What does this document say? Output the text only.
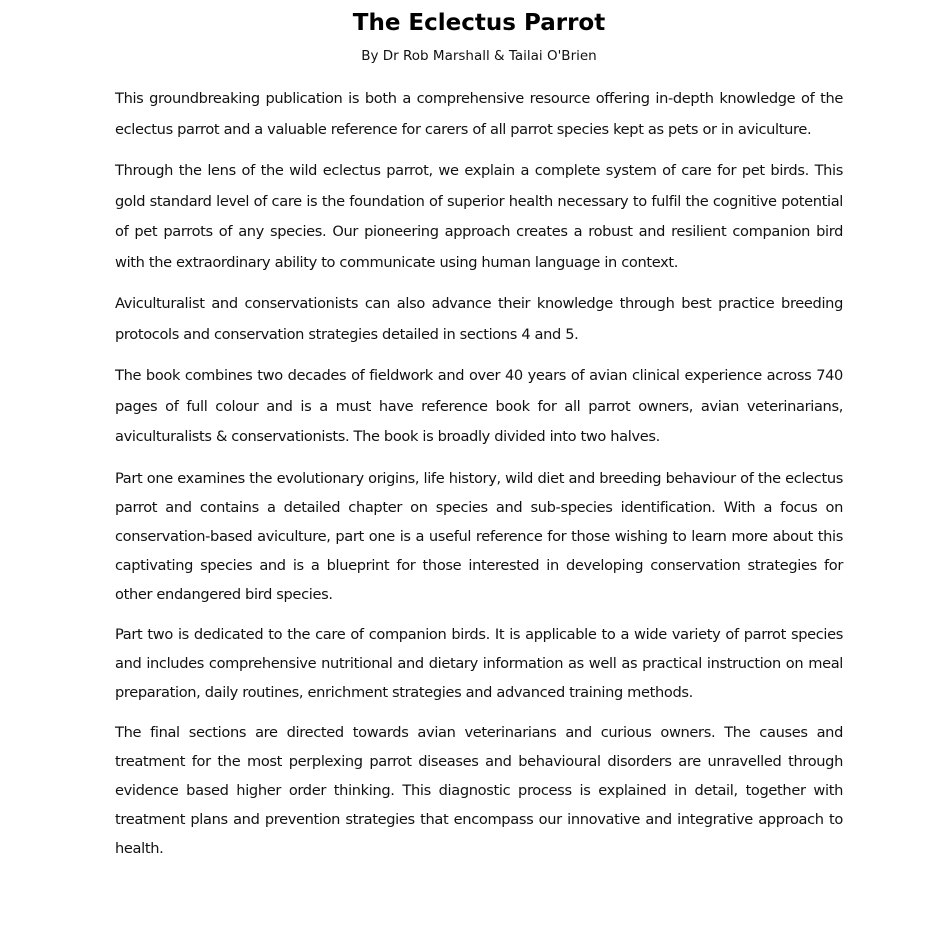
The Eclectus Parrot

By Dr Rob Marshall & Tailai O'Brien

This groundbreaking publication is both a comprehensive resource offering in-depth knowledge of the eclectus parrot and a valuable reference for carers of all parrot species kept as pets or in aviculture.

Through the lens of the wild eclectus parrot, we explain a complete system of care for pet birds. This gold standard level of care is the foundation of superior health necessary to fulfil the cognitive potential of pet parrots of any species. Our pioneering approach creates a robust and resilient companion bird with the extraordinary ability to communicate using human language in context.

Aviculturalist and conservationists can also advance their knowledge through best practice breeding protocols and conservation strategies detailed in sections 4 and 5.

The book combines two decades of fieldwork and over 40 years of avian clinical experience across 740 pages of full colour and is a must have reference book for all parrot owners, avian veterinarians, aviculturalists & conservationists. The book is broadly divided into two halves.

Part one examines the evolutionary origins, life history, wild diet and breeding behaviour of the eclectus parrot and contains a detailed chapter on species and sub-species identification. With a focus on conservation-based aviculture, part one is a useful reference for those wishing to learn more about this captivating species and is a blueprint for those interested in developing conservation strategies for other endangered bird species.

Part two is dedicated to the care of companion birds. It is applicable to a wide variety of parrot species and includes comprehensive nutritional and dietary information as well as practical instruction on meal preparation, daily routines, enrichment strategies and advanced training methods.

The final sections are directed towards avian veterinarians and curious owners. The causes and treatment for the most perplexing parrot diseases and behavioural disorders are unravelled through evidence based higher order thinking. This diagnostic process is explained in detail, together with treatment plans and prevention strategies that encompass our innovative and integrative approach to health.
